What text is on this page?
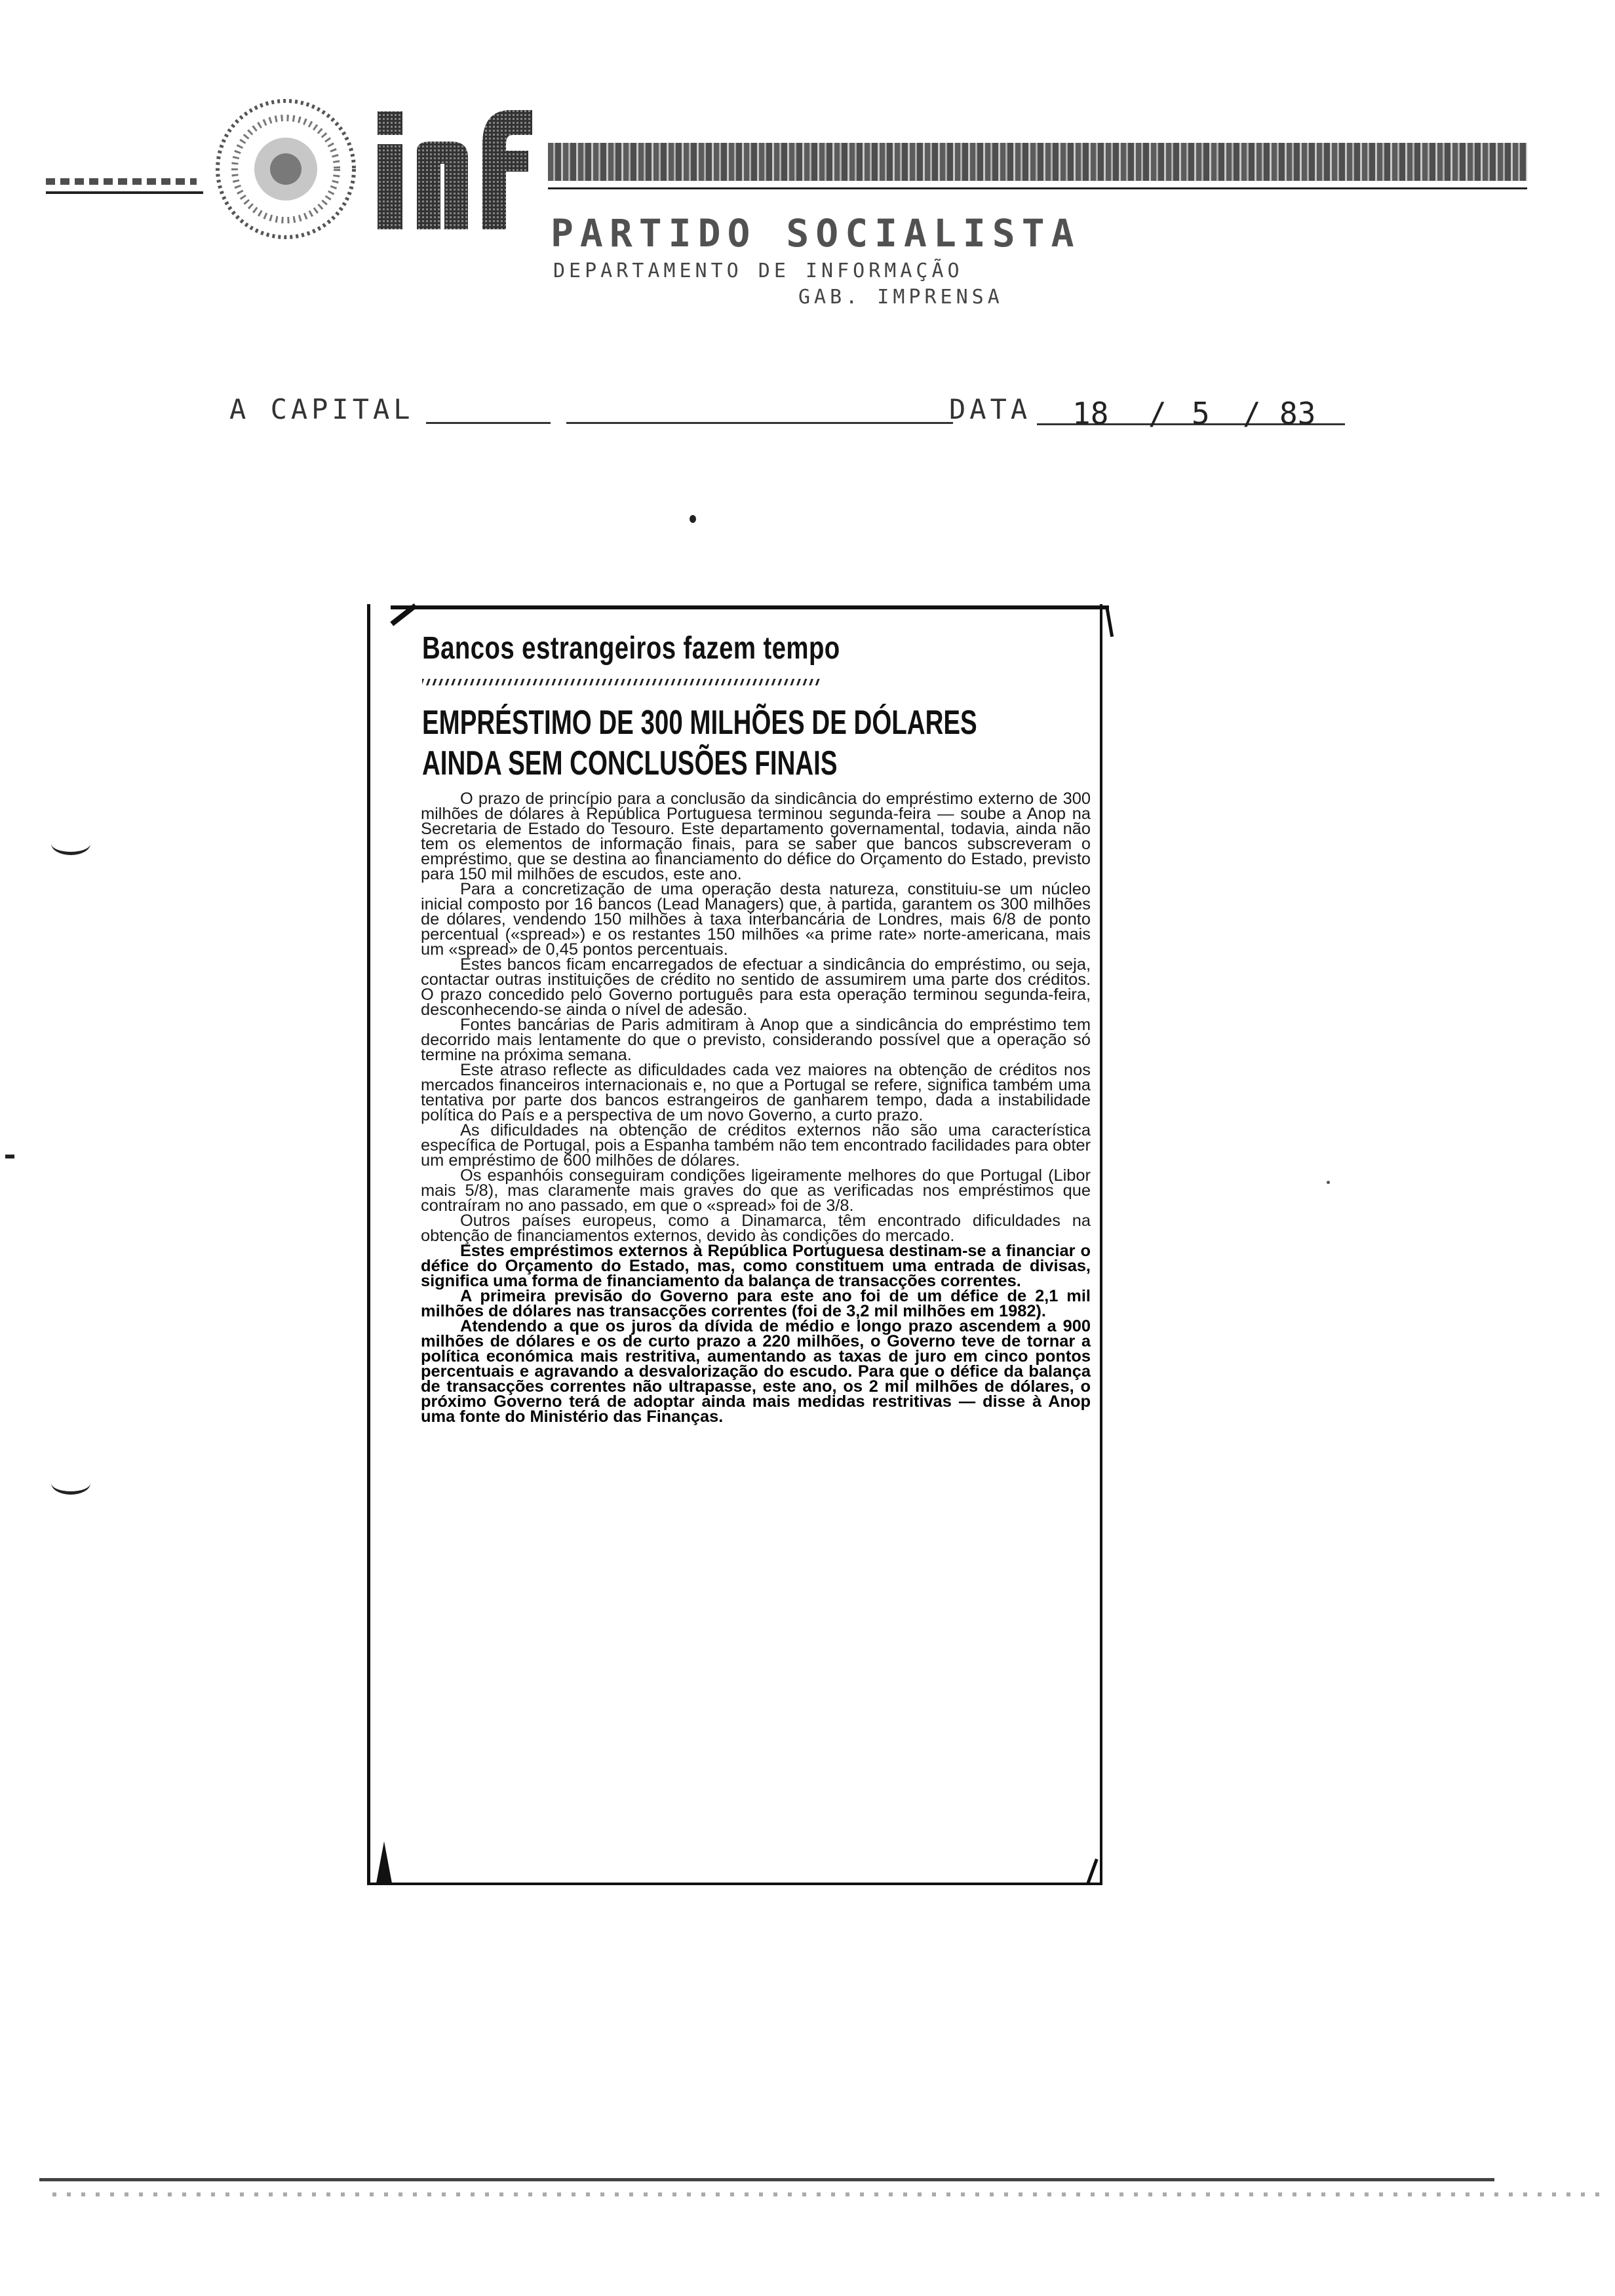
PARTIDO SOCIALISTA
DEPARTAMENTO DE INFORMAÇÃO
GAB. IMPRENSA
A CAPITAL	DATA 18 / 5 / 83
Bancos estrangeiros fazem tempo
EMPRÉSTIMO DE 300 MILHÕES DE DÓLARES
AINDA SEM CONCLUSÕES FINAIS

O prazo de princípio para a conclusão da sindicância do empréstimo externo de 300 milhões de dólares à República Portuguesa terminou segunda-feira — soube a Anop na Secretaria de Estado do Tesouro. Este departamento governamental, todavia, ainda não tem os elementos de informação finais, para se saber que bancos subscreveram o empréstimo, que se destina ao financiamento do défice do Orçamento do Estado, previsto para 150 mil milhões de escudos, este ano.

Para a concretização de uma operação desta natureza, constituiu-se um núcleo inicial composto por 16 bancos (Lead Managers) que, à partida, garantem os 300 milhões de dólares, vendendo 150 milhões à taxa interbancária de Londres, mais 6/8 de ponto percentual («spread») e os restantes 150 milhões «a prime rate» norte-americana, mais um «spread» de 0,45 pontos percentuais.

Estes bancos ficam encarregados de efectuar a sindicância do empréstimo, ou seja, contactar outras instituições de crédito no sentido de assumirem uma parte dos créditos. O prazo concedido pelo Governo português para esta operação terminou segunda-feira, desconhecendo-se ainda o nível de adesão.

Fontes bancárias de Paris admitiram à Anop que a sindicância do empréstimo tem decorrido mais lentamente do que o previsto, considerando possível que a operação só termine na próxima semana.

Este atraso reflecte as dificuldades cada vez maiores na obtenção de créditos nos mercados financeiros internacionais e, no que a Portugal se refere, significa também uma tentativa por parte dos bancos estrangeiros de ganharem tempo, dada a instabilidade política do País e a perspectiva de um novo Governo, a curto prazo.

As dificuldades na obtenção de créditos externos não são uma característica específica de Portugal, pois a Espanha também não tem encontrado facilidades para obter um empréstimo de 600 milhões de dólares.

Os espanhóis conseguiram condições ligeiramente melhores do que Portugal (Libor mais 5/8), mas claramente mais graves do que as verificadas nos empréstimos que contraíram no ano passado, em que o «spread» foi de 3/8.

Outros países europeus, como a Dinamarca, têm encontrado dificuldades na obtenção de financiamentos externos, devido às condições do mercado.

Estes empréstimos externos à República Portuguesa destinam-se a financiar o défice do Orçamento do Estado, mas, como constituem uma entrada de divisas, significa uma forma de financiamento da balança de transacções correntes.

A primeira previsão do Governo para este ano foi de um défice de 2,1 mil milhões de dólares nas transacções correntes (foi de 3,2 mil milhões em 1982).

Atendendo a que os juros da dívida de médio e longo prazo ascendem a 900 milhões de dólares e os de curto prazo a 220 milhões, o Governo teve de tornar a política económica mais restritiva, aumentando as taxas de juro em cinco pontos percentuais e agravando a desvalorização do escudo. Para que o défice da balança de transacções correntes não ultrapasse, este ano, os 2 mil milhões de dólares, o próximo Governo terá de adoptar ainda mais medidas restritivas — disse à Anop uma fonte do Ministério das Finanças.
